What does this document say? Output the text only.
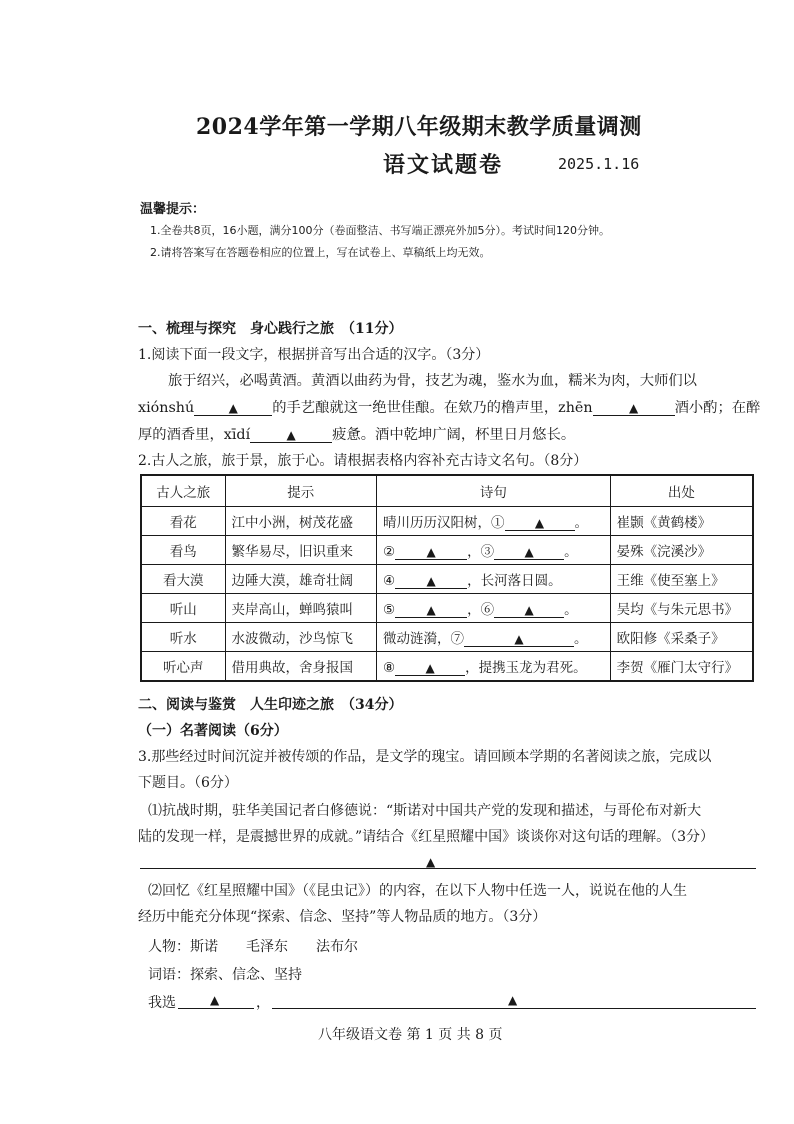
2024学年第一学期八年级期末教学质量调测
语文试题卷	2025.1.16
温馨提示：
1.全卷共8页，16小题，满分100分（卷面整洁、书写端正漂亮外加5分）。考试时间120分钟。
2.请将答案写在答题卷相应的位置上，写在试卷上、草稿纸上均无效。
一、梳理与探究　身心践行之旅　（11分）
1.阅读下面一段文字，根据拼音写出合适的汉字。（3分）
旅于绍兴，必喝黄酒。黄酒以曲药为骨，技艺为魂，鉴水为血，糯米为肉，大师们以
xiónshú	▲ 的手艺酿就这一绝世佳酿。在欸乃的橹声里，zhēn	▲	酒小酌；在醉
厚的酒香里，xīdí	▲	疲惫。酒中乾坤广阔，杯里日月悠长。
2.古人之旅，旅于景，旅于心。请根据表格内容补充古诗文名句。（8分）
古人之旅	提示	诗句	出处
看花	江中小洲，树茂花盛	晴川历历汉阳树，① ▲ 。	崔颢《黄鹤楼》
看鸟	繁华易尽，旧识重来	② ▲ ，③ ▲ 。	晏殊《浣溪沙》
看大漠	边陲大漠，雄奇壮阔	④ ▲ ，长河落日圆。	王维《使至塞上》
听山	夹岸高山，蝉鸣猿叫	⑤ ▲ ，⑥ ▲ 。	吴均《与朱元思书》
听水	水波微动，沙鸟惊飞	微动涟漪，⑦ ▲ 。	欧阳修《采桑子》
听心声	借用典故，舍身报国	⑧ ▲ ，提携玉龙为君死。	李贺《雁门太守行》
二、阅读与鉴赏　人生印迹之旅　（34分）
（一）名著阅读（6分）
3.那些经过时间沉淀并被传颂的作品，是文学的瑰宝。请回顾本学期的名著阅读之旅，完成以
下题目。（6分）
⑴抗战时期，驻华美国记者白修德说：“斯诺对中国共产党的发现和描述，与哥伦布对新大
陆的发现一样，是震撼世界的成就。”请结合《红星照耀中国》谈谈你对这句话的理解。（3分）
▲
⑵回忆《红星照耀中国》（《昆虫记》）的内容，在以下人物中任选一人，说说在他的人生
经历中能充分体现“探索、信念、坚持”等人物品质的地方。（3分）
人物：斯诺　　毛泽东　　法布尔
词语：探索、信念、坚持
我选	▲	，	▲
八年级语文卷 第 1 页 共 8 页
